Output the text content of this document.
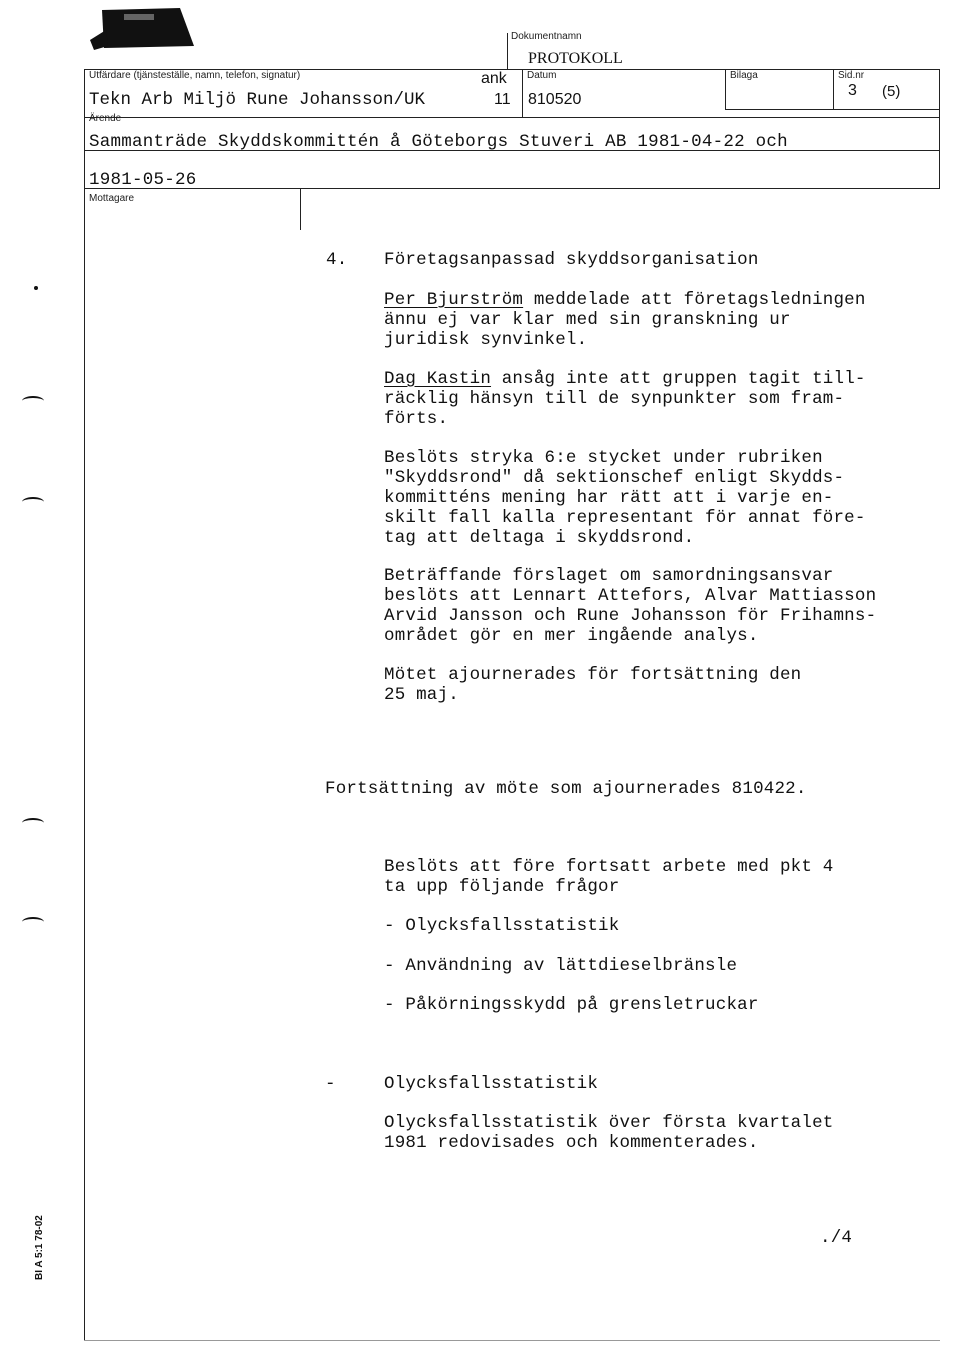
Dokumentnamn
PROTOKOLL
Utfärdare (tjänsteställe, namn, telefon, signatur)
Tekn Arb Miljö Rune Johansson/UK
ank
11
Datum
810520
Bilaga	Sid.nr
3 (5)
Ärende
Sammanträde Skyddskommittén å Göteborgs Stuveri AB 1981-04-22 och
1981-05-26
Mottagare
4. Företagsanpassad skyddsorganisation
Per Bjurström meddelade att företagsledningen
ännu ej var klar med sin granskning ur
juridisk synvinkel.
Dag Kastin ansåg inte att gruppen tagit till-
räcklig hänsyn till de synpunkter som fram-
förts.
Beslöts stryka 6:e stycket under rubriken
"Skyddsrond" då sektionschef enligt Skydds-
kommitténs mening har rätt att i varje en-
skilt fall kalla representant för annat före-
tag att deltaga i skyddsrond.
Beträffande förslaget om samordningsansvar
beslöts att Lennart Attefors, Alvar Mattiasson
Arvid Jansson och Rune Johansson för Frihamns-
området gör en mer ingående analys.
Mötet ajournerades för fortsättning den
25 maj.
Fortsättning av möte som ajournerades 810422.
Beslöts att före fortsatt arbete med pkt 4
ta upp följande frågor
- Olycksfallsstatistik
- Användning av lättdieselbränsle
- Påkörningsskydd på grensletruckar
-	Olycksfallsstatistik
Olycksfallsstatistik över första kvartalet
1981 redovisades och kommenterades.
./4
BI A 5:1 78-02
